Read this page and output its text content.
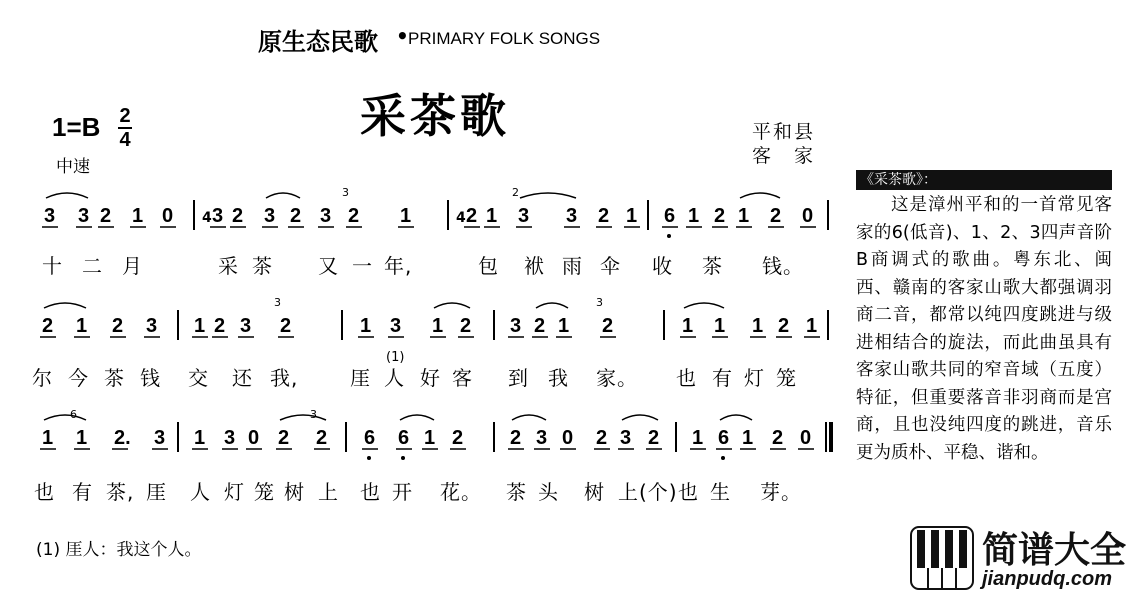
原生态民歌 • PRIMARY FOLK SONGS
采茶歌
1=B 2
4
中速
平和县
客　家
3 3 2 1 0 3
4 2 3 2 3 2
3
1	2
4 1 3
2
3 2 1 6 1 2 1 2 0
2 1 2 3 1 2 3 2
3
1 3 1 2 3 2 1 2
3
1 1 1 2 1
1 1
6
2. 3 1 3 0 2 2
3
6 6 1 2 2 3 0 2 3 2 1 6 1 2 0
十 二 月	采 茶 又 一 年,	包 袱 雨 伞 收 茶 钱。
尔 今 茶 钱 交 还 我,	厓 人 好 客 到 我 家。 也 有 灯 笼
也 有 茶, 厓 人 灯 笼 树 上 也 开 花。 茶 头 树 上(个) 也 生 芽。
(1)
(1) 厓人：我这个人。
《采茶歌》：
这是漳州平和的一首常见客家的6(低音)、1、2、3四声音阶B商调式的歌曲。粤东北、闽西、赣南的客家山歌大都强调羽商二音，都常以纯四度跳进与级进相结合的旋法，而此曲虽具有客家山歌共同的窄音域（五度）特征，但重要落音非羽商而是宫商，且也没纯四度的跳进，音乐更为质朴、平稳、谐和。
简谱大全
jianpudq.com
